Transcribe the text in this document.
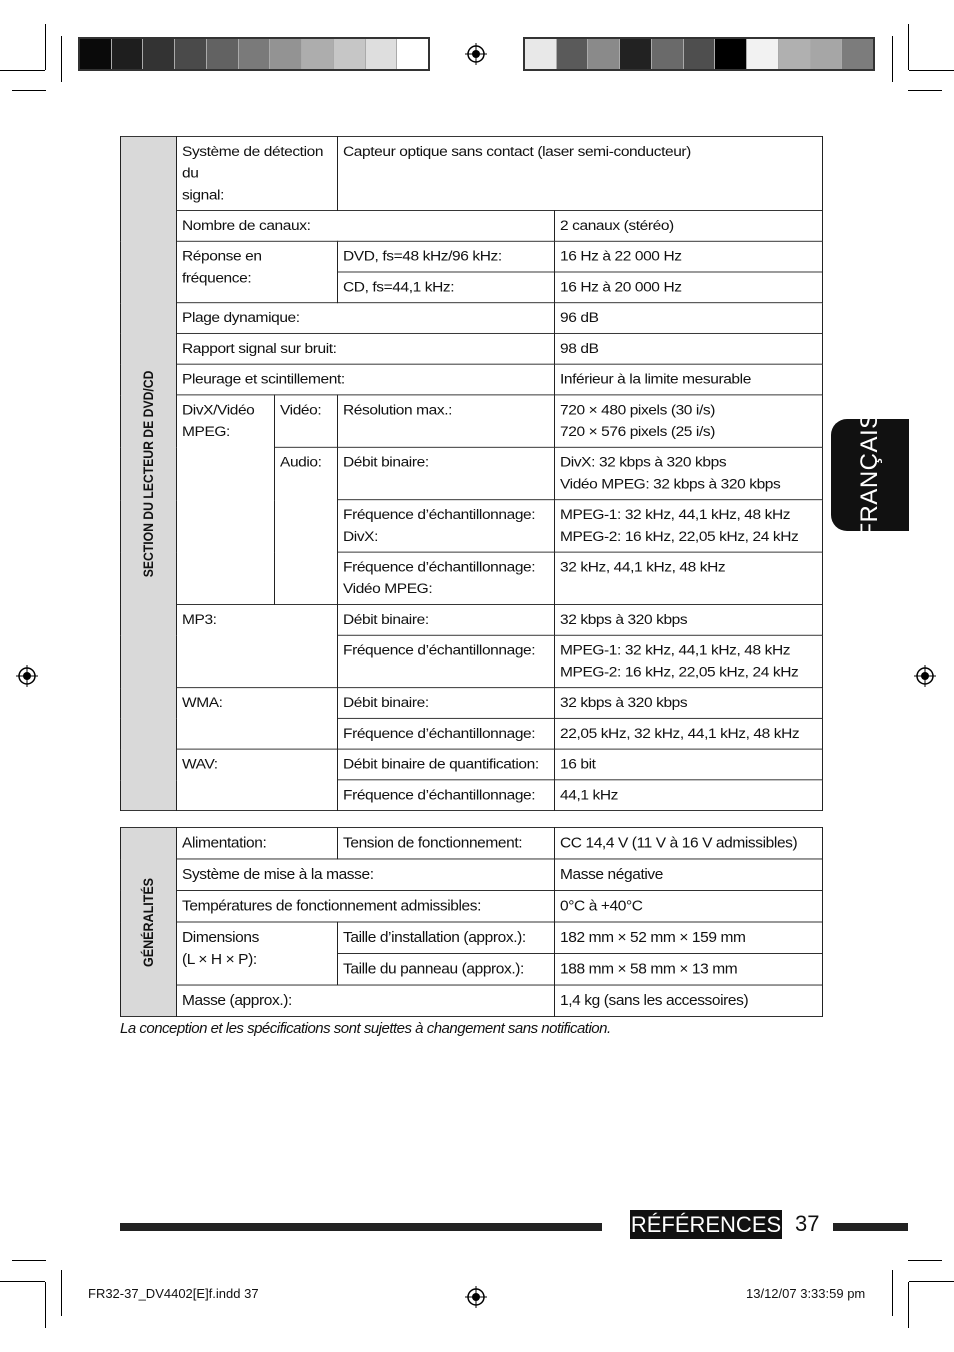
SECTION DU LECTEUR DE DVD/CD	Système de détection du
signal:		Capteur optique sans contact (laser semi-conducteur)	

	Nombre de canaux:			2 canaux (stéréo)

	Réponse en fréquence:		DVD, fs=48 kHz/96 kHz:	16 Hz à 22 000 Hz

			CD, fs=44,1 kHz:	16 Hz à 20 000 Hz

	Plage dynamique:			96 dB

	Rapport signal sur bruit:			98 dB

	Pleurage et scintillement:			Inférieur à la limite mesurable

	DivX/Vidéo
MPEG:	Vidéo:	Résolution max.:	720 × 480 pixels (30 i/s)
720 × 576 pixels (25 i/s)

		Audio:	Débit binaire:	DivX: 32 kbps à 320 kbps
Vidéo MPEG: 32 kbps à 320 kbps

			Fréquence d’échantillonnage:
DivX:	MPEG-1: 32 kHz, 44,1 kHz, 48 kHz
MPEG-2: 16 kHz, 22,05 kHz, 24 kHz

			Fréquence d’échantillonnage:
Vidéo MPEG:	32 kHz, 44,1 kHz, 48 kHz

	MP3:		Débit binaire:	32 kbps à 320 kbps

			Fréquence d’échantillonnage:	MPEG-1: 32 kHz, 44,1 kHz, 48 kHz
MPEG-2: 16 kHz, 22,05 kHz, 24 kHz

	WMA:		Débit binaire:	32 kbps à 320 kbps

			Fréquence d’échantillonnage:	22,05 kHz, 32 kHz, 44,1 kHz, 48 kHz

	WAV:		Débit binaire de quantification:	16 bit

			Fréquence d’échantillonnage:	44,1 kHz
GÉNÉRALITÉS	Alimentation:	Tension de fonctionnement:	CC 14,4 V (11 V à 16 V admissibles)

	Système de mise à la masse:		Masse négative

	Températures de fonctionnement admissibles:		0°C à +40°C

	Dimensions
(L × H × P):	Taille d’installation (approx.):	182 mm × 52 mm × 159 mm

		Taille du panneau (approx.):	188 mm × 58 mm × 13 mm

	Masse (approx.):		1,4 kg (sans les accessoires)
La conception et les spécifications sont sujettes à changement sans notification.
FRANÇAIS
RÉFÉRENCES 37
FR32-37_DV4402[E]f.indd 37	13/12/07 3:33:59 pm
